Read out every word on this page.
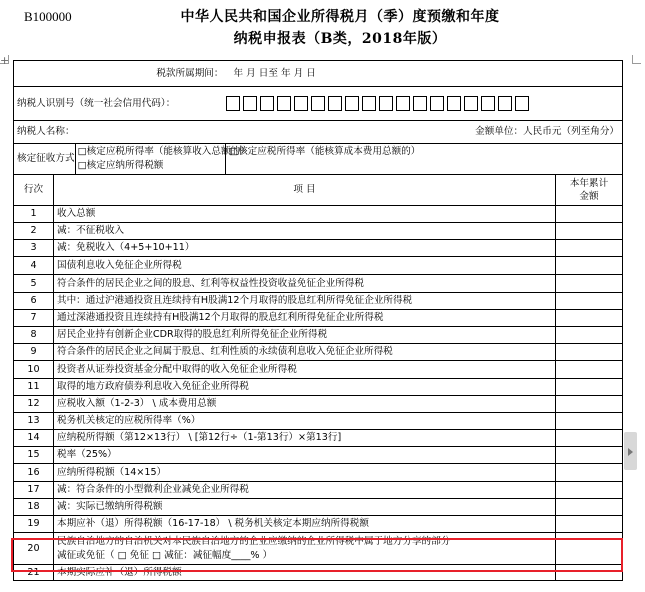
B100000	中华人民共和国企业所得税月（季）度预缴和年度
纳税申报表（B类，2018年版）
+
税款所属期间：		年 月 日至 年 月 日		
纳税人识别号（统一社会信用代码）：				
纳税人名称：			金额单位：人民币元（列至角分）	

核定征收方式
□核定应税所得率（能核算收入总额的）
□核定应纳所得税额		□核定应税所得率（能核算成本费用总额的）		
行次	项 目			本年累计
金额

1	收入总额			
2	减：不征税收入			
3	减：免税收入（4+5+10+11）			
4	国债利息收入免征企业所得税			
5	符合条件的居民企业之间的股息、红利等权益性投资收益免征企业所得税			
6	其中：通过沪港通投资且连续持有H股满12个月取得的股息红利所得免征企业所得税			
7	通过深港通投资且连续持有H股满12个月取得的股息红利所得免征企业所得税			
8	居民企业持有创新企业CDR取得的股息红利所得免征企业所得税			
9	符合条件的居民企业之间属于股息、红利性质的永续债利息收入免征企业所得税			
10	投资者从证券投资基金分配中取得的收入免征企业所得税			
11	取得的地方政府债券利息收入免征企业所得税			
12	应税收入额（1-2-3） \ 成本费用总额			
13	税务机关核定的应税所得率（%）			
14	应纳税所得额（第12×13行） \ [第12行÷（1-第13行）×第13行]			
15	税率（25%）			
16	应纳所得税额（14×15）			
17	减：符合条件的小型微利企业减免企业所得税			
18	减：实际已缴纳所得税额			
19	本期应补（退）所得税额（16-17-18） \ 税务机关核定本期应纳所得税额			
20	民族自治地方的自治机关对本民族自治地方的企业应缴纳的企业所得税中属于地方分享的部分
减征或免征（ □ 免征 □ 减征：减征幅度____% ）			

21	本期实际应补（退）所得税额			
